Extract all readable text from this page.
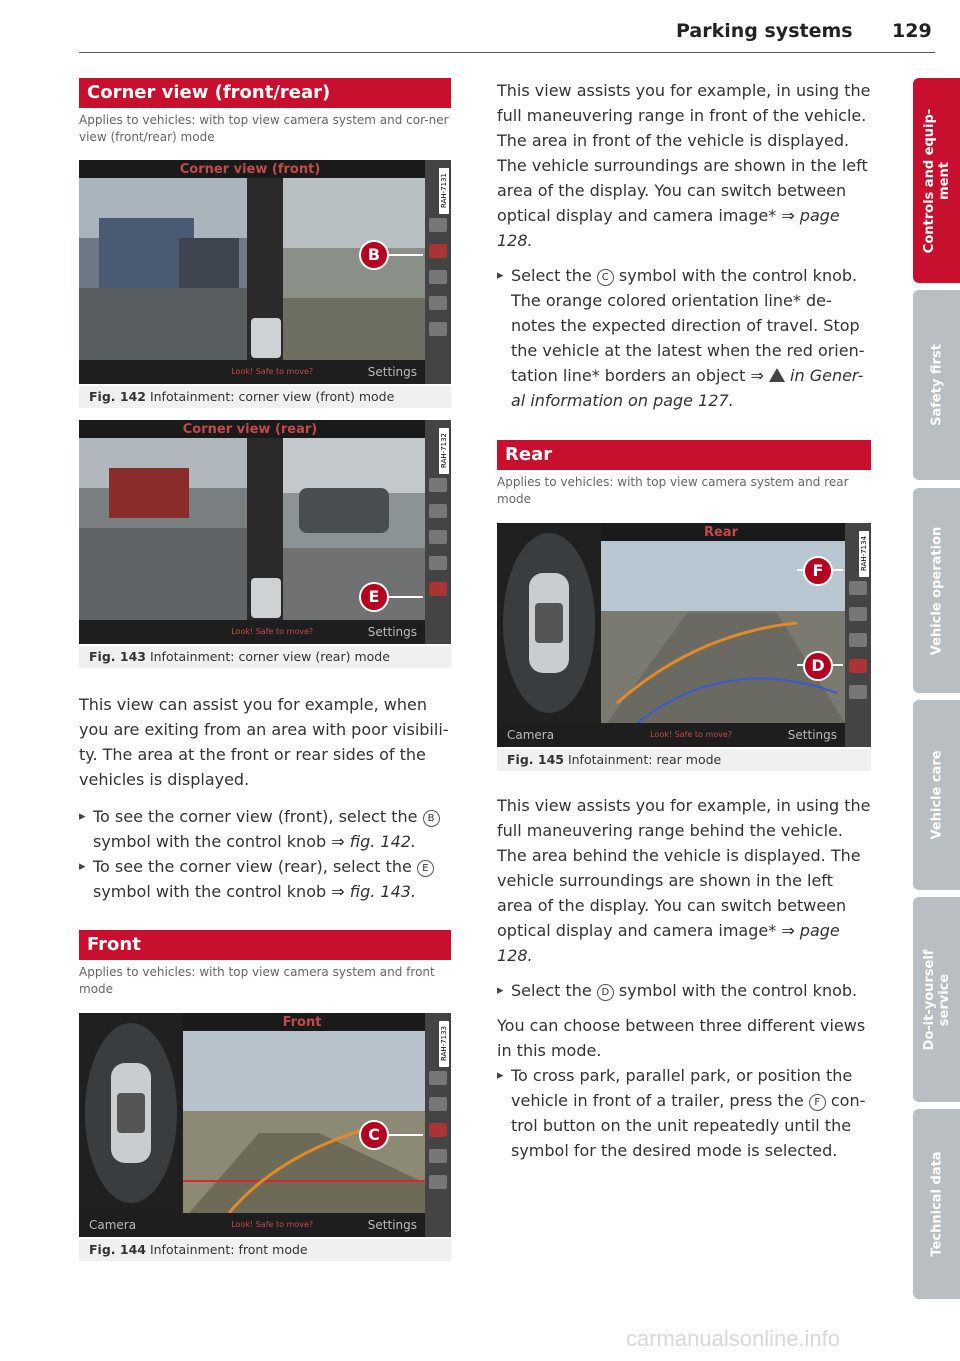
Parking systems 129
Corner view (front/rear)
Applies to vehicles: with top view camera system and cor-ner view (front/rear) mode
Corner view (front)
RAH-7131
B
Look! Safe to move?	Settings
Fig. 142 Infotainment: corner view (front) mode
Corner view (rear)
RAH-7132
E
Look! Safe to move?	Settings
Fig. 143 Infotainment: corner view (rear) mode
This view can assist you for example, when you are exiting from an area with poor visibili-ty. The area at the front or rear sides of the vehicles is displayed.
▸ To see the corner view (front), select the B symbol with the control knob ⇒ fig. 142.
▸ To see the corner view (rear), select the E symbol with the control knob ⇒ fig. 143.
Front
Applies to vehicles: with top view camera system and front mode
Front
RAH-7133
C
Camera	Look! Safe to move?	Settings
Fig. 144 Infotainment: front mode
This view assists you for example, in using the full maneuvering range in front of the vehicle. The area in front of the vehicle is displayed. The vehicle surroundings are shown in the left area of the display. You can switch between optical display and camera image* ⇒ page 128.
▸ Select the C symbol with the control knob. The orange colored orientation line* de-notes the expected direction of travel. Stop the vehicle at the latest when the red orien-tation line* borders an object ⇒ in Gener-al information on page 127.
Rear
Applies to vehicles: with top view camera system and rear mode
Rear
RAH-7134
F
D
Camera	Look! Safe to move?	Settings
Fig. 145 Infotainment: rear mode
This view assists you for example, in using the full maneuvering range behind the vehicle. The area behind the vehicle is displayed. The vehicle surroundings are shown in the left area of the display. You can switch between optical display and camera image* ⇒ page 128.
▸ Select the D symbol with the control knob.
You can choose between three different views in this mode.
▸ To cross park, parallel park, or position the vehicle in front of a trailer, press the F con-trol button on the unit repeatedly until the symbol for the desired mode is selected.
Controls and equip-
ment
Safety first
Vehicle operation
Vehicle care
Do-it-yourself
service
Technical data
carmanualsonline.info
